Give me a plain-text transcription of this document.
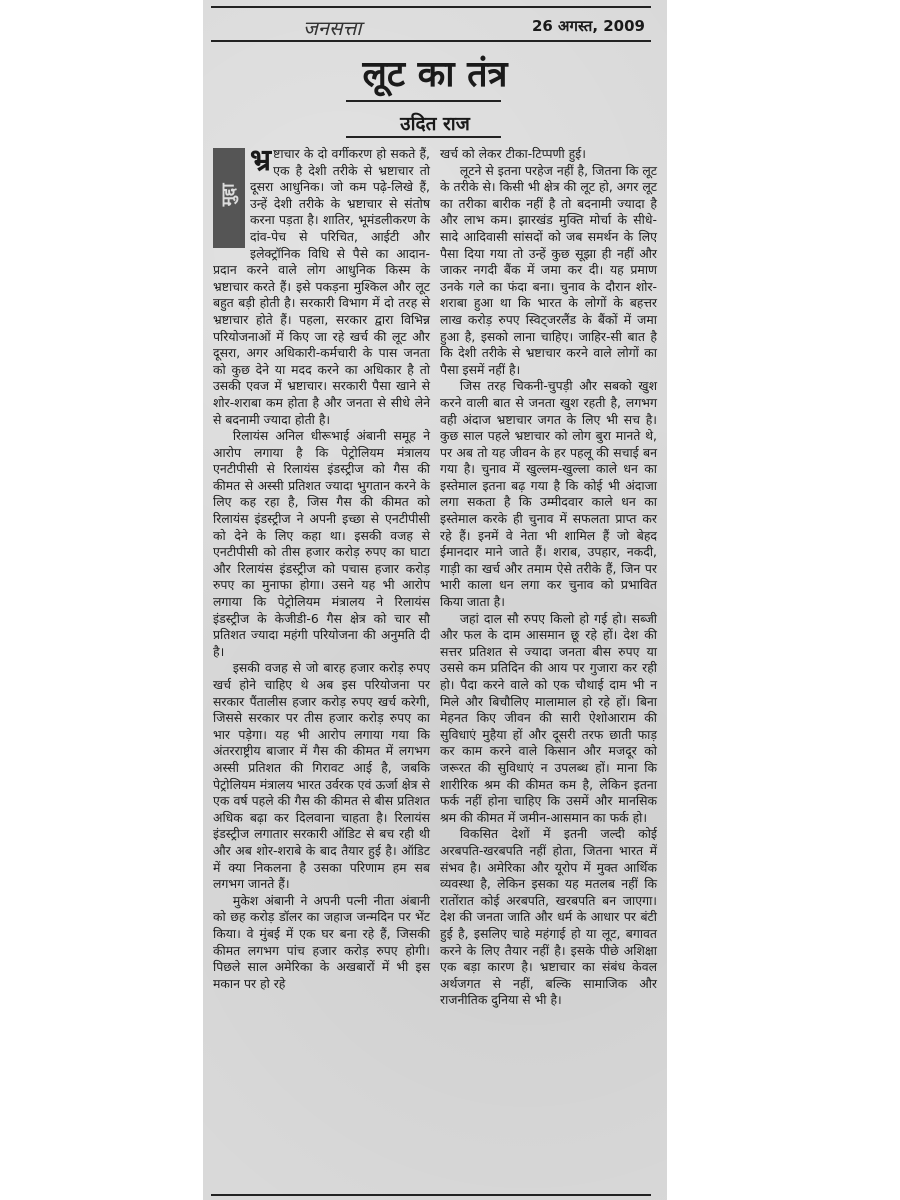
जनसत्ता	26 अगस्त, 2009
लूट का तंत्र
उदित राज
मुद्दा

भ्र ष्टाचार के दो वर्गीकरण हो सकते हैं, एक है देशी तरीके से भ्रष्टाचार तो दूसरा आधुनिक। जो कम पढ़े-लिखे हैं, उन्हें देशी तरीके के भ्रष्टाचार से संतोष करना पड़ता है। शातिर, भूमंडलीकरण के दांव-पेच से परिचित, आईटी और इलेक्ट्रॉनिक विधि से पैसे का आदान-प्रदान करने वाले लोग आधुनिक किस्म के भ्रष्टाचार करते हैं। इसे पकड़ना मुश्किल और लूट बहुत बड़ी होती है। सरकारी विभाग में दो तरह से भ्रष्टाचार होते हैं। पहला, सरकार द्वारा विभिन्न परियोजनाओं में किए जा रहे खर्च की लूट और दूसरा, अगर अधिकारी-कर्मचारी के पास जनता को कुछ देने या मदद करने का अधिकार है तो उसकी एवज में भ्रष्टाचार। सरकारी पैसा खाने से शोर-शराबा कम होता है और जनता से सीधे लेने से बदनामी ज्यादा होती है।

रिलायंस अनिल धीरूभाई अंबानी समूह ने आरोप लगाया है कि पेट्रोलियम मंत्रालय एनटीपीसी से रिलायंस इंडस्ट्रीज को गैस की कीमत से अस्सी प्रतिशत ज्यादा भुगतान करने के लिए कह रहा है, जिस गैस की कीमत को रिलायंस इंडस्ट्रीज ने अपनी इच्छा से एनटीपीसी को देने के लिए कहा था। इसकी वजह से एनटीपीसी को तीस हजार करोड़ रुपए का घाटा और रिलायंस इंडस्ट्रीज को पचास हजार करोड़ रुपए का मुनाफा होगा। उसने यह भी आरोप लगाया कि पेट्रोलियम मंत्रालय ने रिलायंस इंडस्ट्रीज के केजीडी-6 गैस क्षेत्र को चार सौ प्रतिशत ज्यादा महंगी परियोजना की अनुमति दी है।

इसकी वजह से जो बारह हजार करोड़ रुपए खर्च होने चाहिए थे अब इस परियोजना पर सरकार पैंतालीस हजार करोड़ रुपए खर्च करेगी, जिससे सरकार पर तीस हजार करोड़ रुपए का भार पड़ेगा। यह भी आरोप लगाया गया कि अंतरराष्ट्रीय बाजार में गैस की कीमत में लगभग अस्सी प्रतिशत की गिरावट आई है, जबकि पेट्रोलियम मंत्रालय भारत उर्वरक एवं ऊर्जा क्षेत्र से एक वर्ष पहले की गैस की कीमत से बीस प्रतिशत अधिक बढ़ा कर दिलवाना चाहता है। रिलायंस इंडस्ट्रीज लगातार सरकारी ऑडिट से बच रही थी और अब शोर-शराबे के बाद तैयार हुई है। ऑडिट में क्या निकलना है उसका परिणाम हम सब लगभग जानते हैं।

मुकेश अंबानी ने अपनी पत्नी नीता अंबानी को छह करोड़ डॉलर का जहाज जन्मदिन पर भेंट किया। वे मुंबई में एक घर बना रहे हैं, जिसकी कीमत लगभग पांच हजार करोड़ रुपए होगी। पिछले साल अमेरिका के अखबारों में भी इस मकान पर हो रहे

खर्च को लेकर टीका-टिप्पणी हुई।

लूटने से इतना परहेज नहीं है, जितना कि लूट के तरीके से। किसी भी क्षेत्र की लूट हो, अगर लूट का तरीका बारीक नहीं है तो बदनामी ज्यादा है और लाभ कम। झारखंड मुक्ति मोर्चा के सीधे-सादे आदिवासी सांसदों को जब समर्थन के लिए पैसा दिया गया तो उन्हें कुछ सूझा ही नहीं और जाकर नगदी बैंक में जमा कर दी। यह प्रमाण उनके गले का फंदा बना। चुनाव के दौरान शोर-शराबा हुआ था कि भारत के लोगों के बहत्तर लाख करोड़ रुपए स्विट्जरलैंड के बैंकों में जमा हुआ है, इसको लाना चाहिए। जाहिर-सी बात है कि देशी तरीके से भ्रष्टाचार करने वाले लोगों का पैसा इसमें नहीं है।

जिस तरह चिकनी-चुपड़ी और सबको खुश करने वाली बात से जनता खुश रहती है, लगभग वही अंदाज भ्रष्टाचार जगत के लिए भी सच है। कुछ साल पहले भ्रष्टाचार को लोग बुरा मानते थे, पर अब तो यह जीवन के हर पहलू की सचाई बन गया है। चुनाव में खुल्लम-खुल्ला काले धन का इस्तेमाल इतना बढ़ गया है कि कोई भी अंदाजा लगा सकता है कि उम्मीदवार काले धन का इस्तेमाल करके ही चुनाव में सफलता प्राप्त कर रहे हैं। इनमें वे नेता भी शामिल हैं जो बेहद ईमानदार माने जाते हैं। शराब, उपहार, नकदी, गाड़ी का खर्च और तमाम ऐसे तरीके हैं, जिन पर भारी काला धन लगा कर चुनाव को प्रभावित किया जाता है।

जहां दाल सौ रुपए किलो हो गई हो। सब्जी और फल के दाम आसमान छू रहे हों। देश की सत्तर प्रतिशत से ज्यादा जनता बीस रुपए या उससे कम प्रतिदिन की आय पर गुजारा कर रही हो। पैदा करने वाले को एक चौथाई दाम भी न मिले और बिचौलिए मालामाल हो रहे हों। बिना मेहनत किए जीवन की सारी ऐशोआराम की सुविधाएं मुहैया हों और दूसरी तरफ छाती फाड़ कर काम करने वाले किसान और मजदूर को जरूरत की सुविधाएं न उपलब्ध हों। माना कि शारीरिक श्रम की कीमत कम है, लेकिन इतना फर्क नहीं होना चाहिए कि उसमें और मानसिक श्रम की कीमत में जमीन-आसमान का फर्क हो।

विकसित देशों में इतनी जल्दी कोई अरबपति-खरबपति नहीं होता, जितना भारत में संभव है। अमेरिका और यूरोप में मुक्त आर्थिक व्यवस्था है, लेकिन इसका यह मतलब नहीं कि रातोंरात कोई अरबपति, खरबपति बन जाएगा। देश की जनता जाति और धर्म के आधार पर बंटी हुई है, इसलिए चाहे महंगाई हो या लूट, बगावत करने के लिए तैयार नहीं है। इसके पीछे अशिक्षा एक बड़ा कारण है। भ्रष्टाचार का संबंध केवल अर्थजगत से नहीं, बल्कि सामाजिक और राजनीतिक दुनिया से भी है।
